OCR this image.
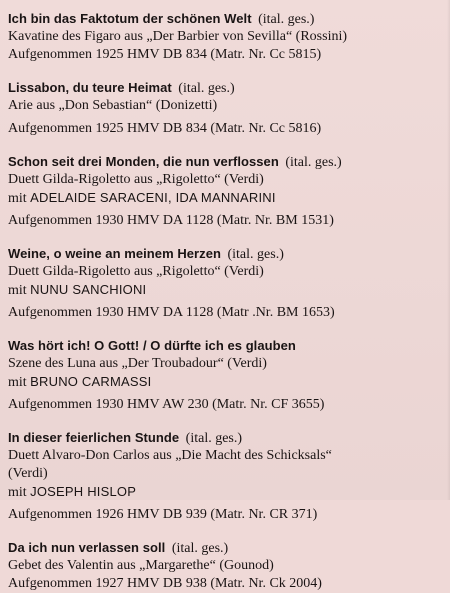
Ich bin das Faktotum der schönen Welt (ital. ges.)
Kavatine des Figaro aus „Der Barbier von Sevilla“ (Rossini)
Aufgenommen 1925 HMV DB 834 (Matr. Nr. Cc 5815)
Lissabon, du teure Heimat (ital. ges.)
Arie aus „Don Sebastian“ (Donizetti)
Aufgenommen 1925 HMV DB 834 (Matr. Nr. Cc 5816)
Schon seit drei Monden, die nun verflossen (ital. ges.)
Duett Gilda-Rigoletto aus „Rigoletto“ (Verdi)
mit ADELAIDE SARACENI, IDA MANNARINI
Aufgenommen 1930 HMV DA 1128 (Matr. Nr. BM 1531)
Weine, o weine an meinem Herzen (ital. ges.)
Duett Gilda-Rigoletto aus „Rigoletto“ (Verdi)
mit NUNU SANCHIONI
Aufgenommen 1930 HMV DA 1128 (Matr .Nr. BM 1653)
Was hört ich! O Gott! / O dürfte ich es glauben
Szene des Luna aus „Der Troubadour“ (Verdi)
mit BRUNO CARMASSI
Aufgenommen 1930 HMV AW 230 (Matr. Nr. CF 3655)
In dieser feierlichen Stunde (ital. ges.)
Duett Alvaro-Don Carlos aus „Die Macht des Schicksals“
(Verdi)
mit JOSEPH HISLOP
Aufgenommen 1926 HMV DB 939 (Matr. Nr. CR 371)
Da ich nun verlassen soll (ital. ges.)
Gebet des Valentin aus „Margarethe“ (Gounod)
Aufgenommen 1927 HMV DB 938 (Matr. Nr. Ck 2004)
